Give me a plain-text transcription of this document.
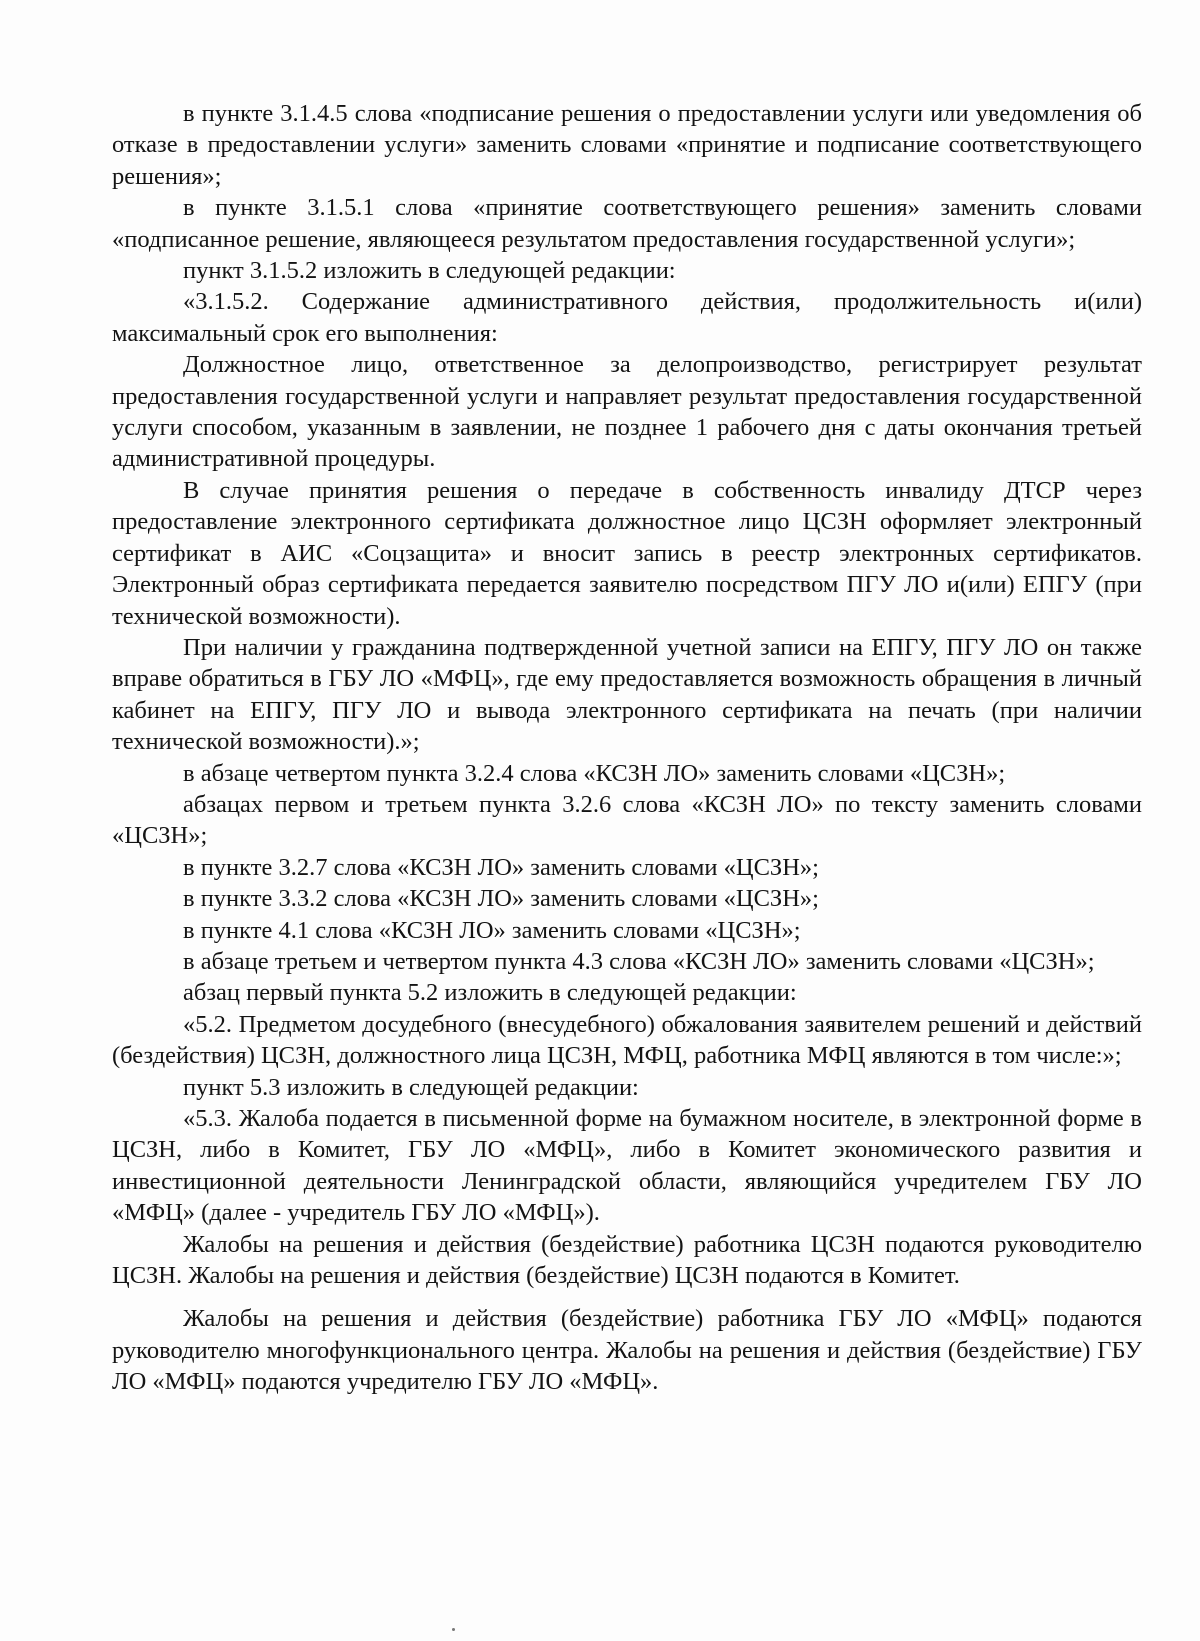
в пункте 3.1.4.5 слова «подписание решения о предоставлении услуги или уведомления об отказе в предоставлении услуги» заменить словами «принятие и подписание соответствующего решения»;

в пункте 3.1.5.1 слова «принятие соответствующего решения» заменить словами «подписанное решение, являющееся результатом предоставления государственной услуги»;

пункт 3.1.5.2 изложить в следующей редакции:

«3.1.5.2. Содержание административного действия, продолжительность и(или) максимальный срок его выполнения:

Должностное лицо, ответственное за делопроизводство, регистрирует результат предоставления государственной услуги и направляет результат предоставления государственной услуги способом, указанным в заявлении, не позднее 1 рабочего дня с даты окончания третьей административной процедуры.

В случае принятия решения о передаче в собственность инвалиду ДТСР через предоставление электронного сертификата должностное лицо ЦСЗН оформляет электронный сертификат в АИС «Соцзащита» и вносит запись в реестр электронных сертификатов. Электронный образ сертификата передается заявителю посредством ПГУ ЛО и(или) ЕПГУ (при технической возможности).

При наличии у гражданина подтвержденной учетной записи на ЕПГУ, ПГУ ЛО он также вправе обратиться в ГБУ ЛО «МФЦ», где ему предоставляется возможность обращения в личный кабинет на ЕПГУ, ПГУ ЛО и вывода электронного сертификата на печать (при наличии технической возможности).»;

в абзаце четвертом пункта 3.2.4 слова «КСЗН ЛО» заменить словами «ЦСЗН»;

абзацах первом и третьем пункта 3.2.6 слова «КСЗН ЛО» по тексту заменить словами «ЦСЗН»;

в пункте 3.2.7 слова «КСЗН ЛО» заменить словами «ЦСЗН»;

в пункте 3.3.2 слова «КСЗН ЛО» заменить словами «ЦСЗН»;

в пункте 4.1 слова «КСЗН ЛО» заменить словами «ЦСЗН»;

в абзаце третьем и четвертом пункта 4.3 слова «КСЗН ЛО» заменить словами «ЦСЗН»;

абзац первый пункта 5.2 изложить в следующей редакции:

«5.2. Предметом досудебного (внесудебного) обжалования заявителем решений и действий (бездействия) ЦСЗН, должностного лица ЦСЗН, МФЦ, работника МФЦ являются в том числе:»;

пункт 5.3 изложить в следующей редакции:

«5.3. Жалоба подается в письменной форме на бумажном носителе, в электронной форме в ЦСЗН, либо в Комитет, ГБУ ЛО «МФЦ», либо в Комитет экономического развития и инвестиционной деятельности Ленинградской области, являющийся учредителем ГБУ ЛО «МФЦ» (далее - учредитель ГБУ ЛО «МФЦ»).

Жалобы на решения и действия (бездействие) работника ЦСЗН подаются руководителю ЦСЗН. Жалобы на решения и действия (бездействие) ЦСЗН подаются в Комитет.

Жалобы на решения и действия (бездействие) работника ГБУ ЛО «МФЦ» подаются руководителю многофункционального центра. Жалобы на решения и действия (бездействие) ГБУ ЛО «МФЦ» подаются учредителю ГБУ ЛО «МФЦ».
